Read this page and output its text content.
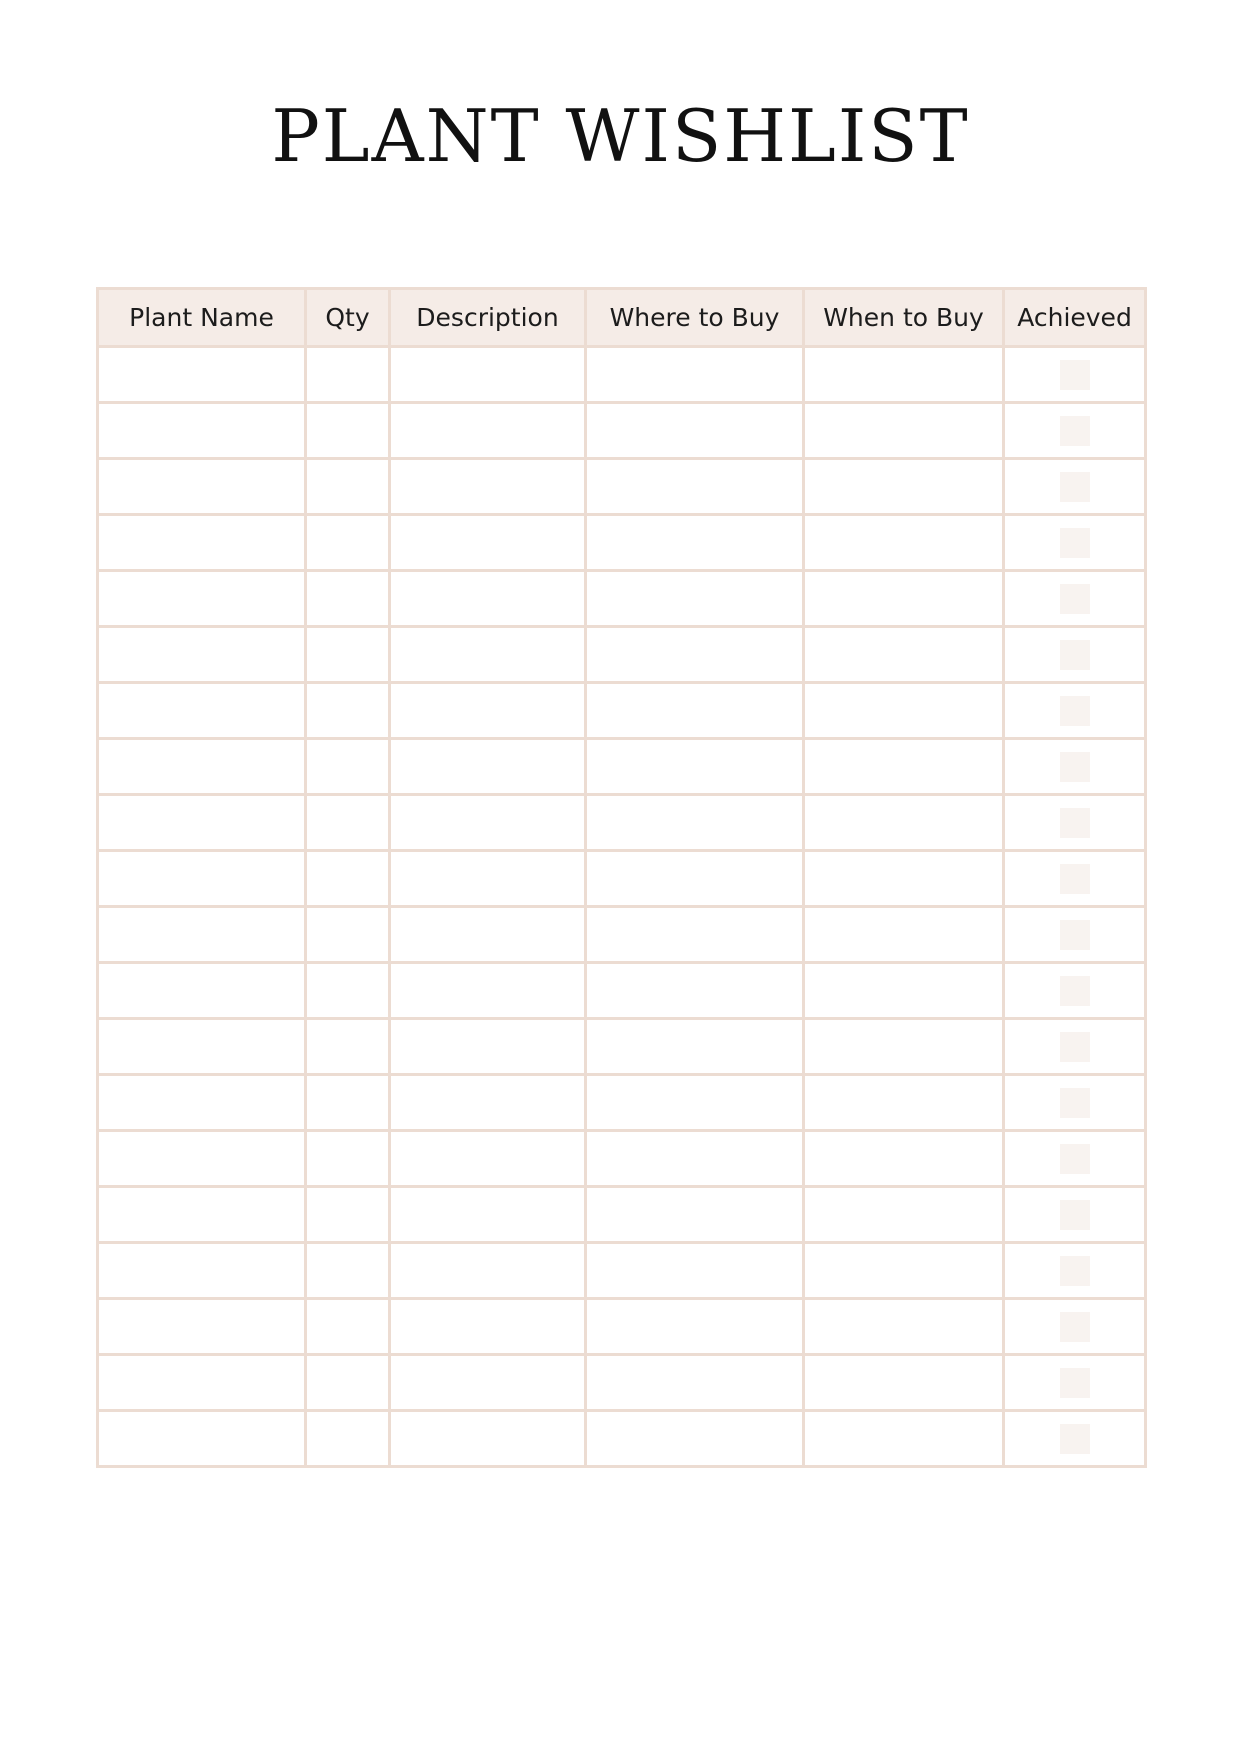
PLANT WISHLIST
Plant Name	Qty	Description	Where to Buy	When to Buy	Achieved
